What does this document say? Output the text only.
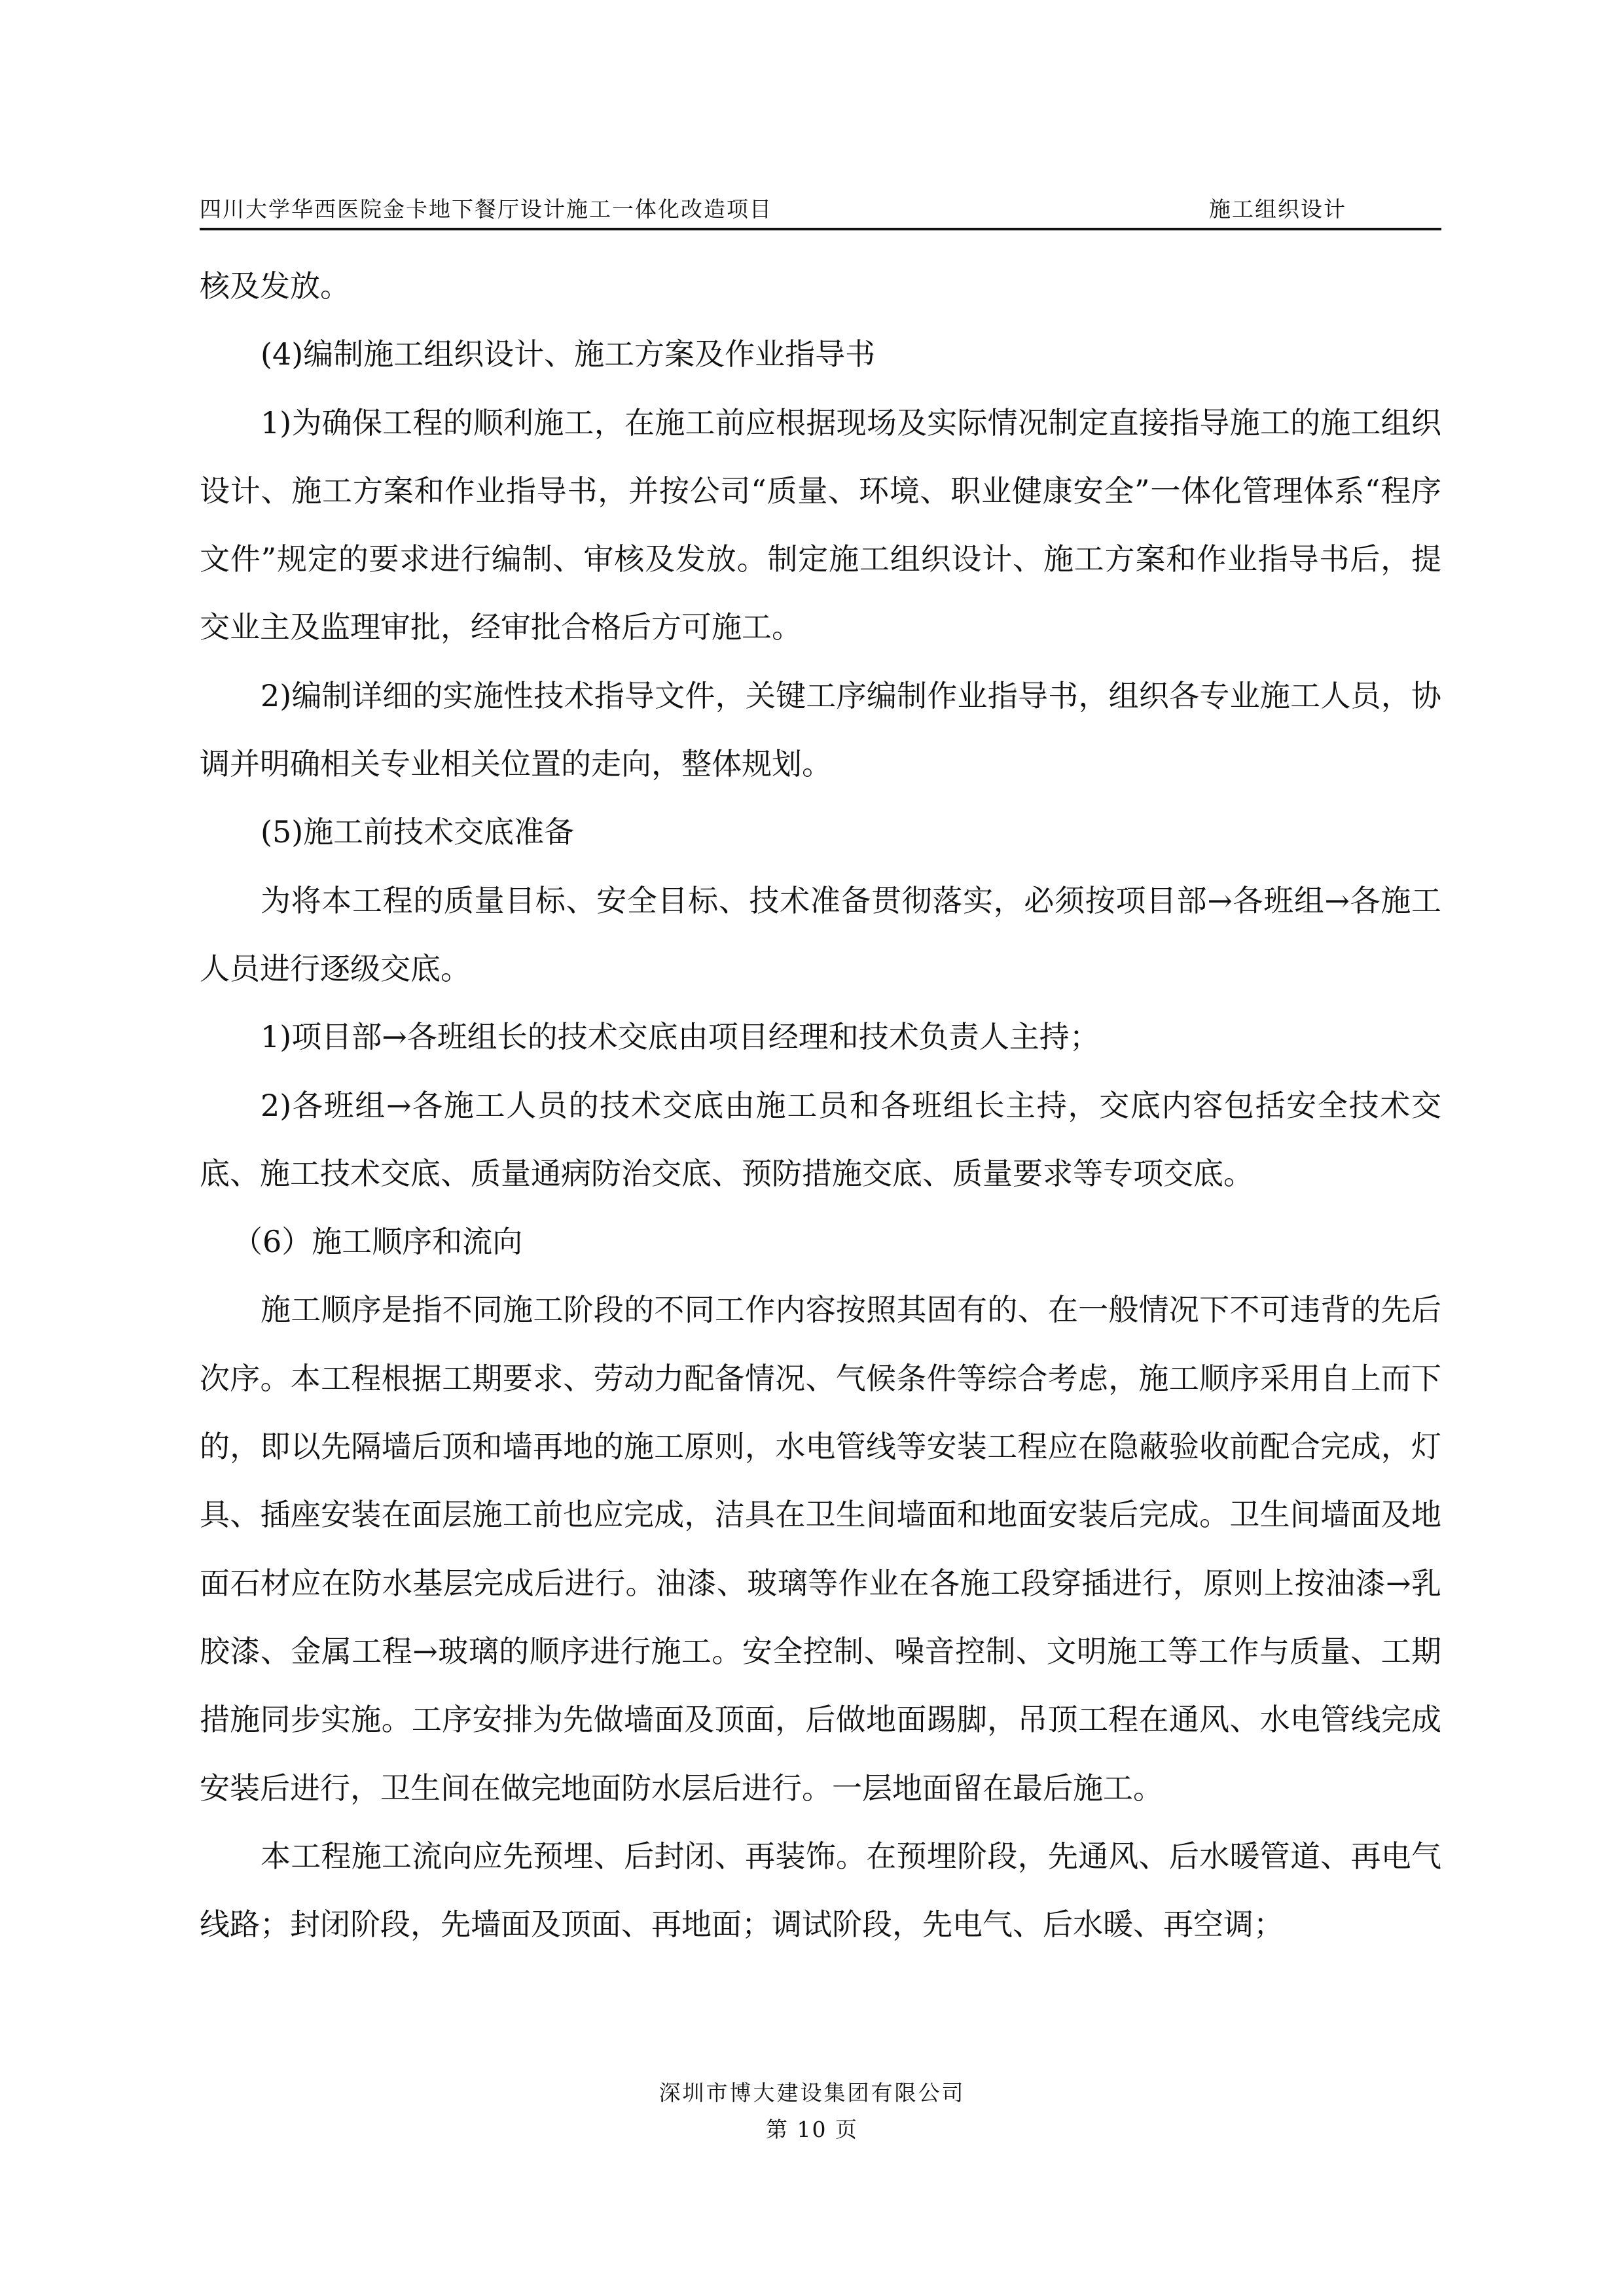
四川大学华西医院金卡地下餐厅设计施工一体化改造项目	施工组织设计

核及发放。

(4)编制施工组织设计、施工方案及作业指导书

1)为确保工程的顺利施工，在施工前应根据现场及实际情况制定直接指导施工的施工组织设计、施工方案和作业指导书，并按公司“质量、环境、职业健康安全”一体化管理体系“程序文件”规定的要求进行编制、审核及发放。制定施工组织设计、施工方案和作业指导书后，提交业主及监理审批，经审批合格后方可施工。

2)编制详细的实施性技术指导文件，关键工序编制作业指导书，组织各专业施工人员，协调并明确相关专业相关位置的走向，整体规划。

(5)施工前技术交底准备

为将本工程的质量目标、安全目标、技术准备贯彻落实，必须按项目部→各班组→各施工人员进行逐级交底。

1)项目部→各班组长的技术交底由项目经理和技术负责人主持；

2)各班组→各施工人员的技术交底由施工员和各班组长主持，交底内容包括安全技术交底、施工技术交底、质量通病防治交底、预防措施交底、质量要求等专项交底。

（6）施工顺序和流向

施工顺序是指不同施工阶段的不同工作内容按照其固有的、在一般情况下不可违背的先后次序。本工程根据工期要求、劳动力配备情况、气候条件等综合考虑，施工顺序采用自上而下的，即以先隔墙后顶和墙再地的施工原则，水电管线等安装工程应在隐蔽验收前配合完成，灯具、插座安装在面层施工前也应完成，洁具在卫生间墙面和地面安装后完成。卫生间墙面及地面石材应在防水基层完成后进行。油漆、玻璃等作业在各施工段穿插进行，原则上按油漆→乳胶漆、金属工程→玻璃的顺序进行施工。安全控制、噪音控制、文明施工等工作与质量、工期措施同步实施。工序安排为先做墙面及顶面，后做地面踢脚，吊顶工程在通风、水电管线完成安装后进行，卫生间在做完地面防水层后进行。一层地面留在最后施工。

本工程施工流向应先预埋、后封闭、再装饰。在预埋阶段，先通风、后水暖管道、再电气线路；封闭阶段，先墙面及顶面、再地面；调试阶段，先电气、后水暖、再空调；

深圳市博大建设集团有限公司
第 10 页
